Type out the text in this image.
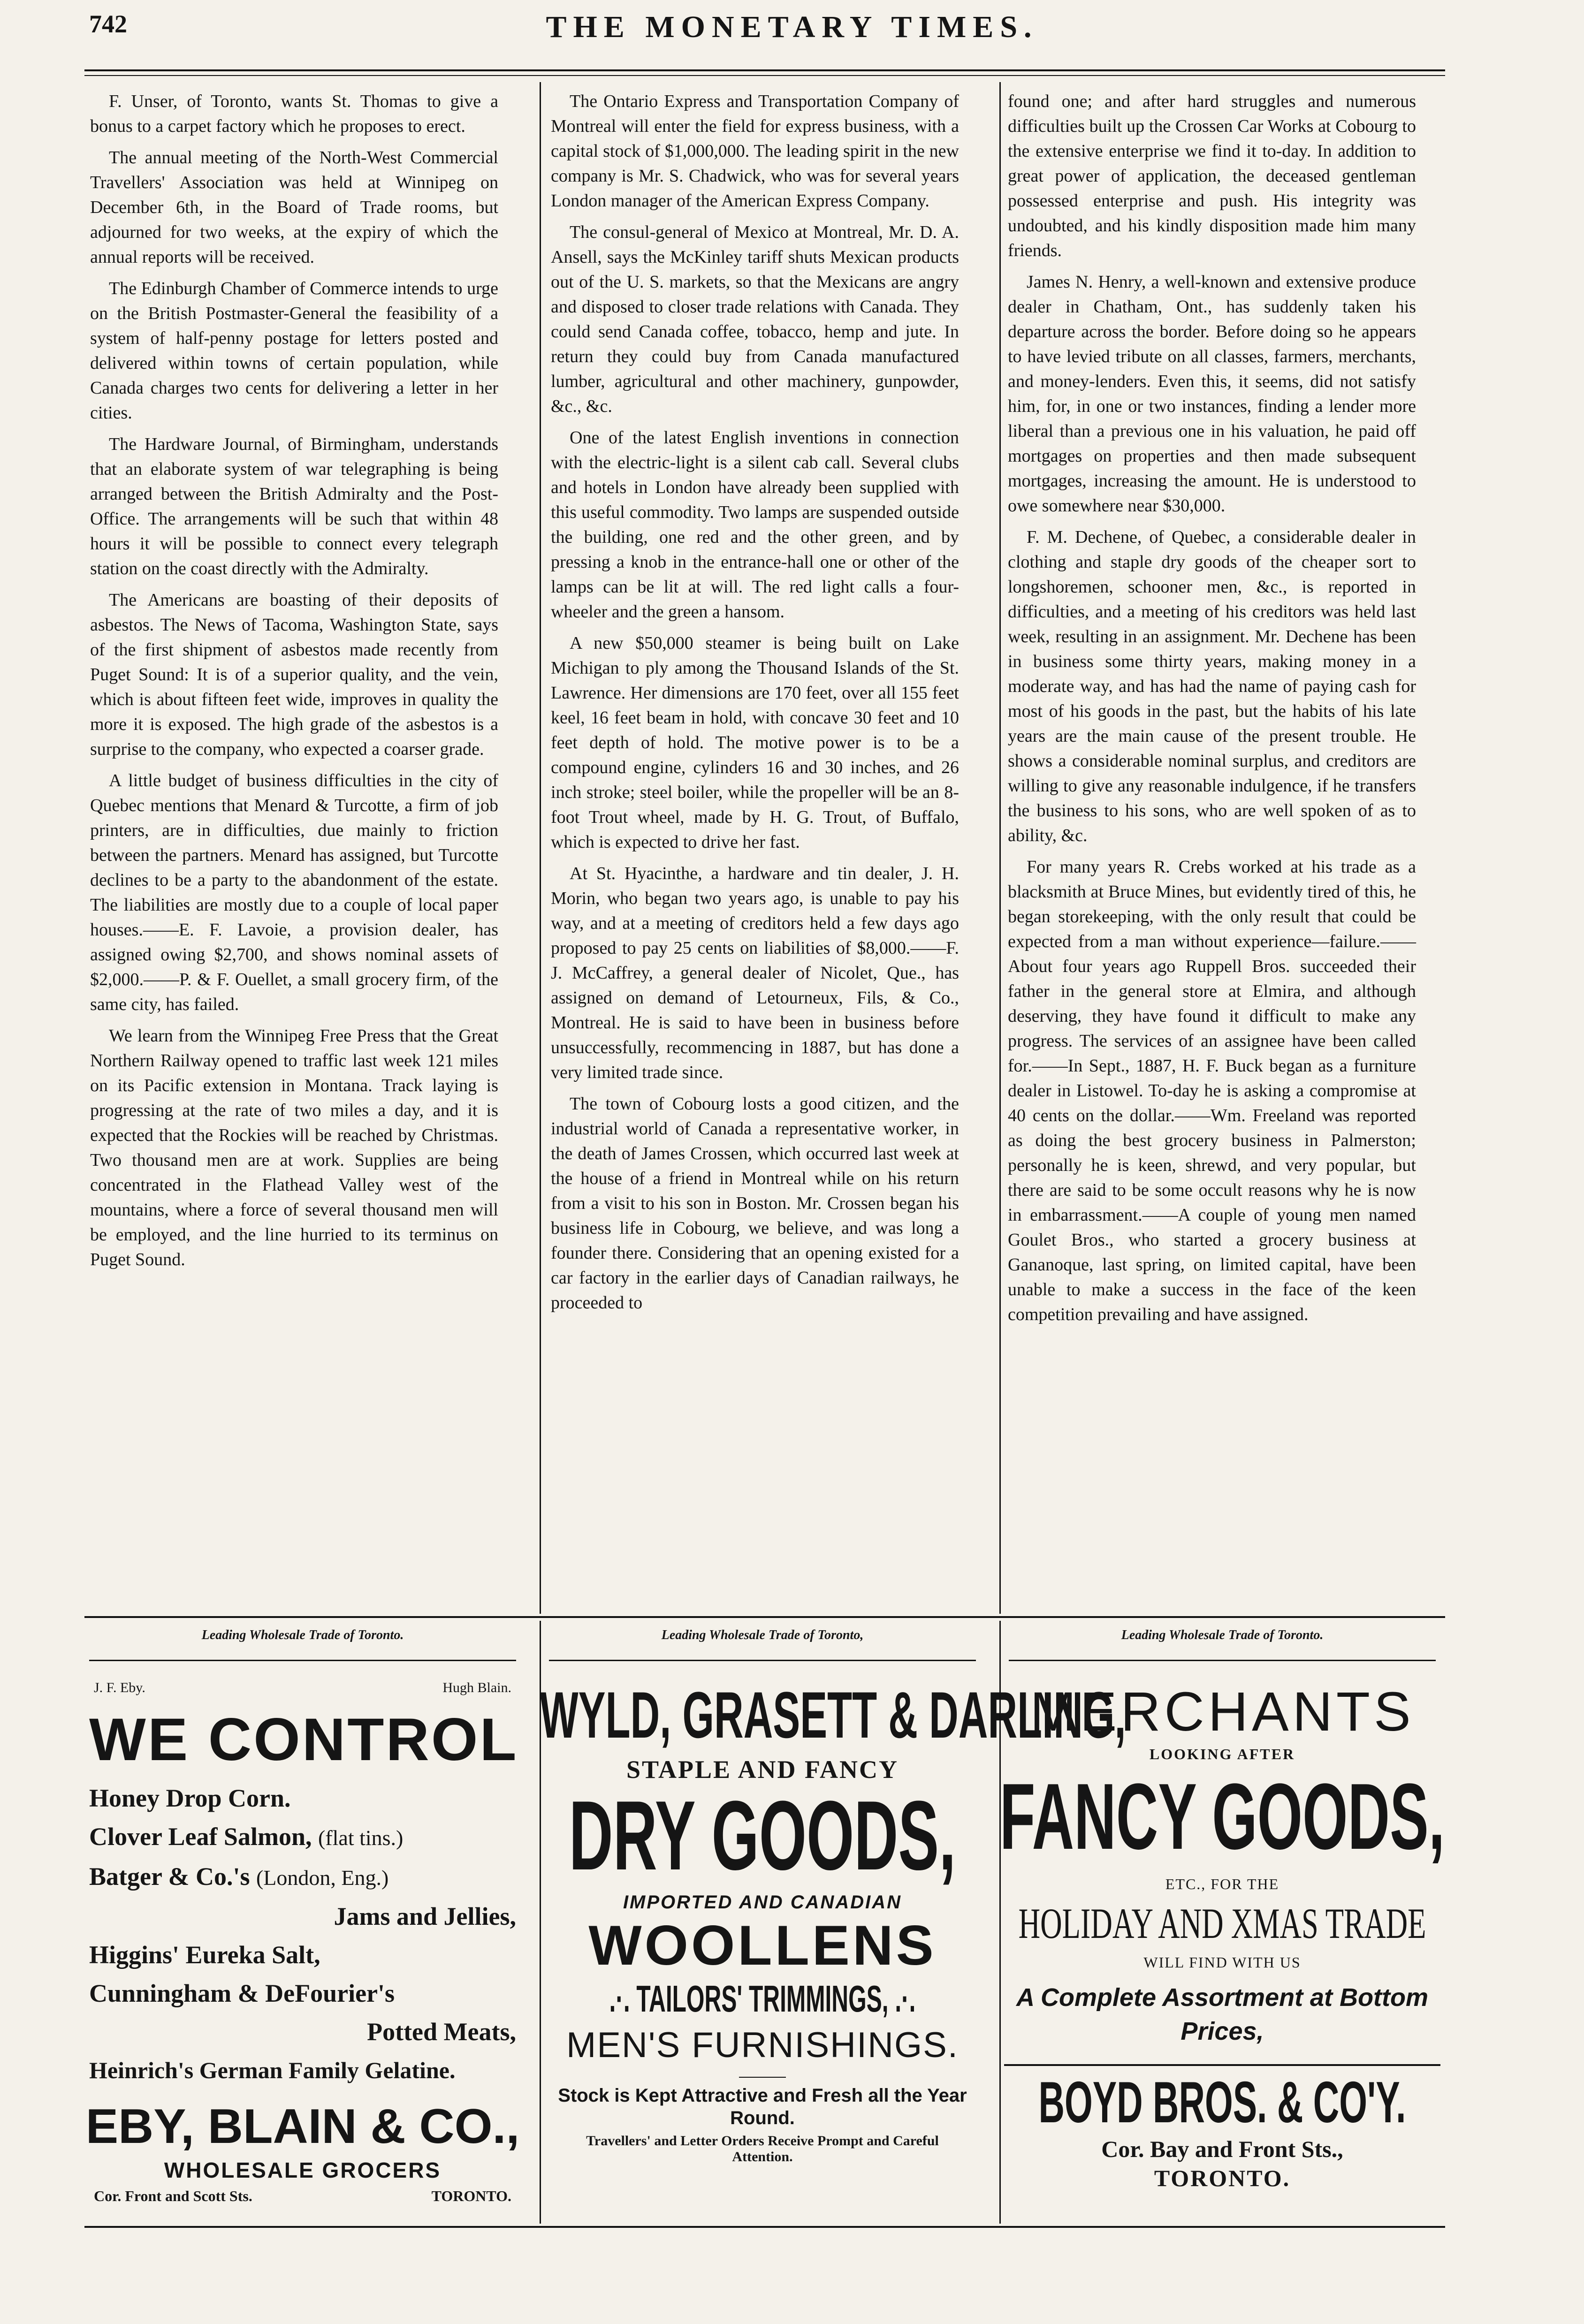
742	THE MONETARY TIMES.

F. Unser, of Toronto, wants St. Thomas to give a bonus to a carpet factory which he proposes to erect.

The annual meeting of the North-West Commercial Travellers' Association was held at Winnipeg on December 6th, in the Board of Trade rooms, but adjourned for two weeks, at the expiry of which the annual reports will be received.

The Edinburgh Chamber of Commerce intends to urge on the British Postmaster-General the feasibility of a system of half-penny postage for letters posted and delivered within towns of certain population, while Canada charges two cents for delivering a letter in her cities.

The Hardware Journal, of Birmingham, understands that an elaborate system of war telegraphing is being arranged between the British Admiralty and the Post-Office. The arrangements will be such that within 48 hours it will be possible to connect every telegraph station on the coast directly with the Admiralty.

The Americans are boasting of their deposits of asbestos. The News of Tacoma, Washington State, says of the first shipment of asbestos made recently from Puget Sound: It is of a superior quality, and the vein, which is about fifteen feet wide, improves in quality the more it is exposed. The high grade of the asbestos is a surprise to the company, who expected a coarser grade.

A little budget of business difficulties in the city of Quebec mentions that Menard & Turcotte, a firm of job printers, are in difficulties, due mainly to friction between the partners. Menard has assigned, but Turcotte declines to be a party to the abandonment of the estate. The liabilities are mostly due to a couple of local paper houses.——E. F. Lavoie, a provision dealer, has assigned owing $2,700, and shows nominal assets of $2,000.——P. & F. Ouellet, a small grocery firm, of the same city, has failed.

We learn from the Winnipeg Free Press that the Great Northern Railway opened to traffic last week 121 miles on its Pacific extension in Montana. Track laying is progressing at the rate of two miles a day, and it is expected that the Rockies will be reached by Christmas. Two thousand men are at work. Supplies are being concentrated in the Flathead Valley west of the mountains, where a force of several thousand men will be employed, and the line hurried to its terminus on Puget Sound.

The Ontario Express and Transportation Company of Montreal will enter the field for express business, with a capital stock of $1,000,000. The leading spirit in the new company is Mr. S. Chadwick, who was for several years London manager of the American Express Company.

The consul-general of Mexico at Montreal, Mr. D. A. Ansell, says the McKinley tariff shuts Mexican products out of the U. S. markets, so that the Mexicans are angry and disposed to closer trade relations with Canada. They could send Canada coffee, tobacco, hemp and jute. In return they could buy from Canada manufactured lumber, agricultural and other machinery, gunpowder, &c., &c.

One of the latest English inventions in connection with the electric-light is a silent cab call. Several clubs and hotels in London have already been supplied with this useful commodity. Two lamps are suspended outside the building, one red and the other green, and by pressing a knob in the entrance-hall one or other of the lamps can be lit at will. The red light calls a four-wheeler and the green a hansom.

A new $50,000 steamer is being built on Lake Michigan to ply among the Thousand Islands of the St. Lawrence. Her dimensions are 170 feet, over all 155 feet keel, 16 feet beam in hold, with concave 30 feet and 10 feet depth of hold. The motive power is to be a compound engine, cylinders 16 and 30 inches, and 26 inch stroke; steel boiler, while the propeller will be an 8-foot Trout wheel, made by H. G. Trout, of Buffalo, which is expected to drive her fast.

At St. Hyacinthe, a hardware and tin dealer, J. H. Morin, who began two years ago, is unable to pay his way, and at a meeting of creditors held a few days ago proposed to pay 25 cents on liabilities of $8,000.——F. J. McCaffrey, a general dealer of Nicolet, Que., has assigned on demand of Letourneux, Fils, & Co., Montreal. He is said to have been in business before unsuccessfully, recommencing in 1887, but has done a very limited trade since.

The town of Cobourg losts a good citizen, and the industrial world of Canada a representative worker, in the death of James Crossen, which occurred last week at the house of a friend in Montreal while on his return from a visit to his son in Boston. Mr. Crossen began his business life in Cobourg, we believe, and was long a founder there. Considering that an opening existed for a car factory in the earlier days of Canadian railways, he proceeded to

found one; and after hard struggles and numerous difficulties built up the Crossen Car Works at Cobourg to the extensive enterprise we find it to-day. In addition to great power of application, the deceased gentleman possessed enterprise and push. His integrity was undoubted, and his kindly disposition made him many friends.

James N. Henry, a well-known and extensive produce dealer in Chatham, Ont., has suddenly taken his departure across the border. Before doing so he appears to have levied tribute on all classes, farmers, merchants, and money-lenders. Even this, it seems, did not satisfy him, for, in one or two instances, finding a lender more liberal than a previous one in his valuation, he paid off mortgages on properties and then made subsequent mortgages, increasing the amount. He is understood to owe somewhere near $30,000.

F. M. Dechene, of Quebec, a considerable dealer in clothing and staple dry goods of the cheaper sort to longshoremen, schooner men, &c., is reported in difficulties, and a meeting of his creditors was held last week, resulting in an assignment. Mr. Dechene has been in business some thirty years, making money in a moderate way, and has had the name of paying cash for most of his goods in the past, but the habits of his late years are the main cause of the present trouble. He shows a considerable nominal surplus, and creditors are willing to give any reasonable indulgence, if he transfers the business to his sons, who are well spoken of as to ability, &c.

For many years R. Crebs worked at his trade as a blacksmith at Bruce Mines, but evidently tired of this, he began storekeeping, with the only result that could be expected from a man without experience—failure.——About four years ago Ruppell Bros. succeeded their father in the general store at Elmira, and although deserving, they have found it difficult to make any progress. The services of an assignee have been called for.——In Sept., 1887, H. F. Buck began as a furniture dealer in Listowel. To-day he is asking a compromise at 40 cents on the dollar.——Wm. Freeland was reported as doing the best grocery business in Palmerston; personally he is keen, shrewd, and very popular, but there are said to be some occult reasons why he is now in embarrassment.——A couple of young men named Goulet Bros., who started a grocery business at Gananoque, last spring, on limited capital, have been unable to make a success in the face of the keen competition prevailing and have assigned.

Leading Wholesale Trade of Toronto.
J. F. Eby.	Hugh Blain.
WE CONTROL
Honey Drop Corn.
Clover Leaf Salmon, (flat tins.)
Batger & Co.'s (London, Eng.)
Jams and Jellies,
Higgins' Eureka Salt,
Cunningham & DeFourier's
Potted Meats,
Heinrich's German Family Gelatine.
EBY, BLAIN & CO.,
WHOLESALE GROCERS
Cor. Front and Scott Sts.	TORONTO.
Leading Wholesale Trade of Toronto,
WYLD, GRASETT & DARLING,
STAPLE AND FANCY
DRY GOODS,
IMPORTED AND CANADIAN
WOOLLENS
.·. TAILORS' TRIMMINGS, .·.
MEN'S FURNISHINGS.
Stock is Kept Attractive and Fresh all the Year Round.
Travellers' and Letter Orders Receive Prompt and Careful Attention.
Leading Wholesale Trade of Toronto.
MERCHANTS
LOOKING AFTER
FANCY GOODS,
ETC., FOR THE
HOLIDAY AND XMAS TRADE
WILL FIND WITH US
A Complete Assortment at Bottom Prices,
BOYD BROS. & CO'Y.
Cor. Bay and Front Sts.,
TORONTO.
